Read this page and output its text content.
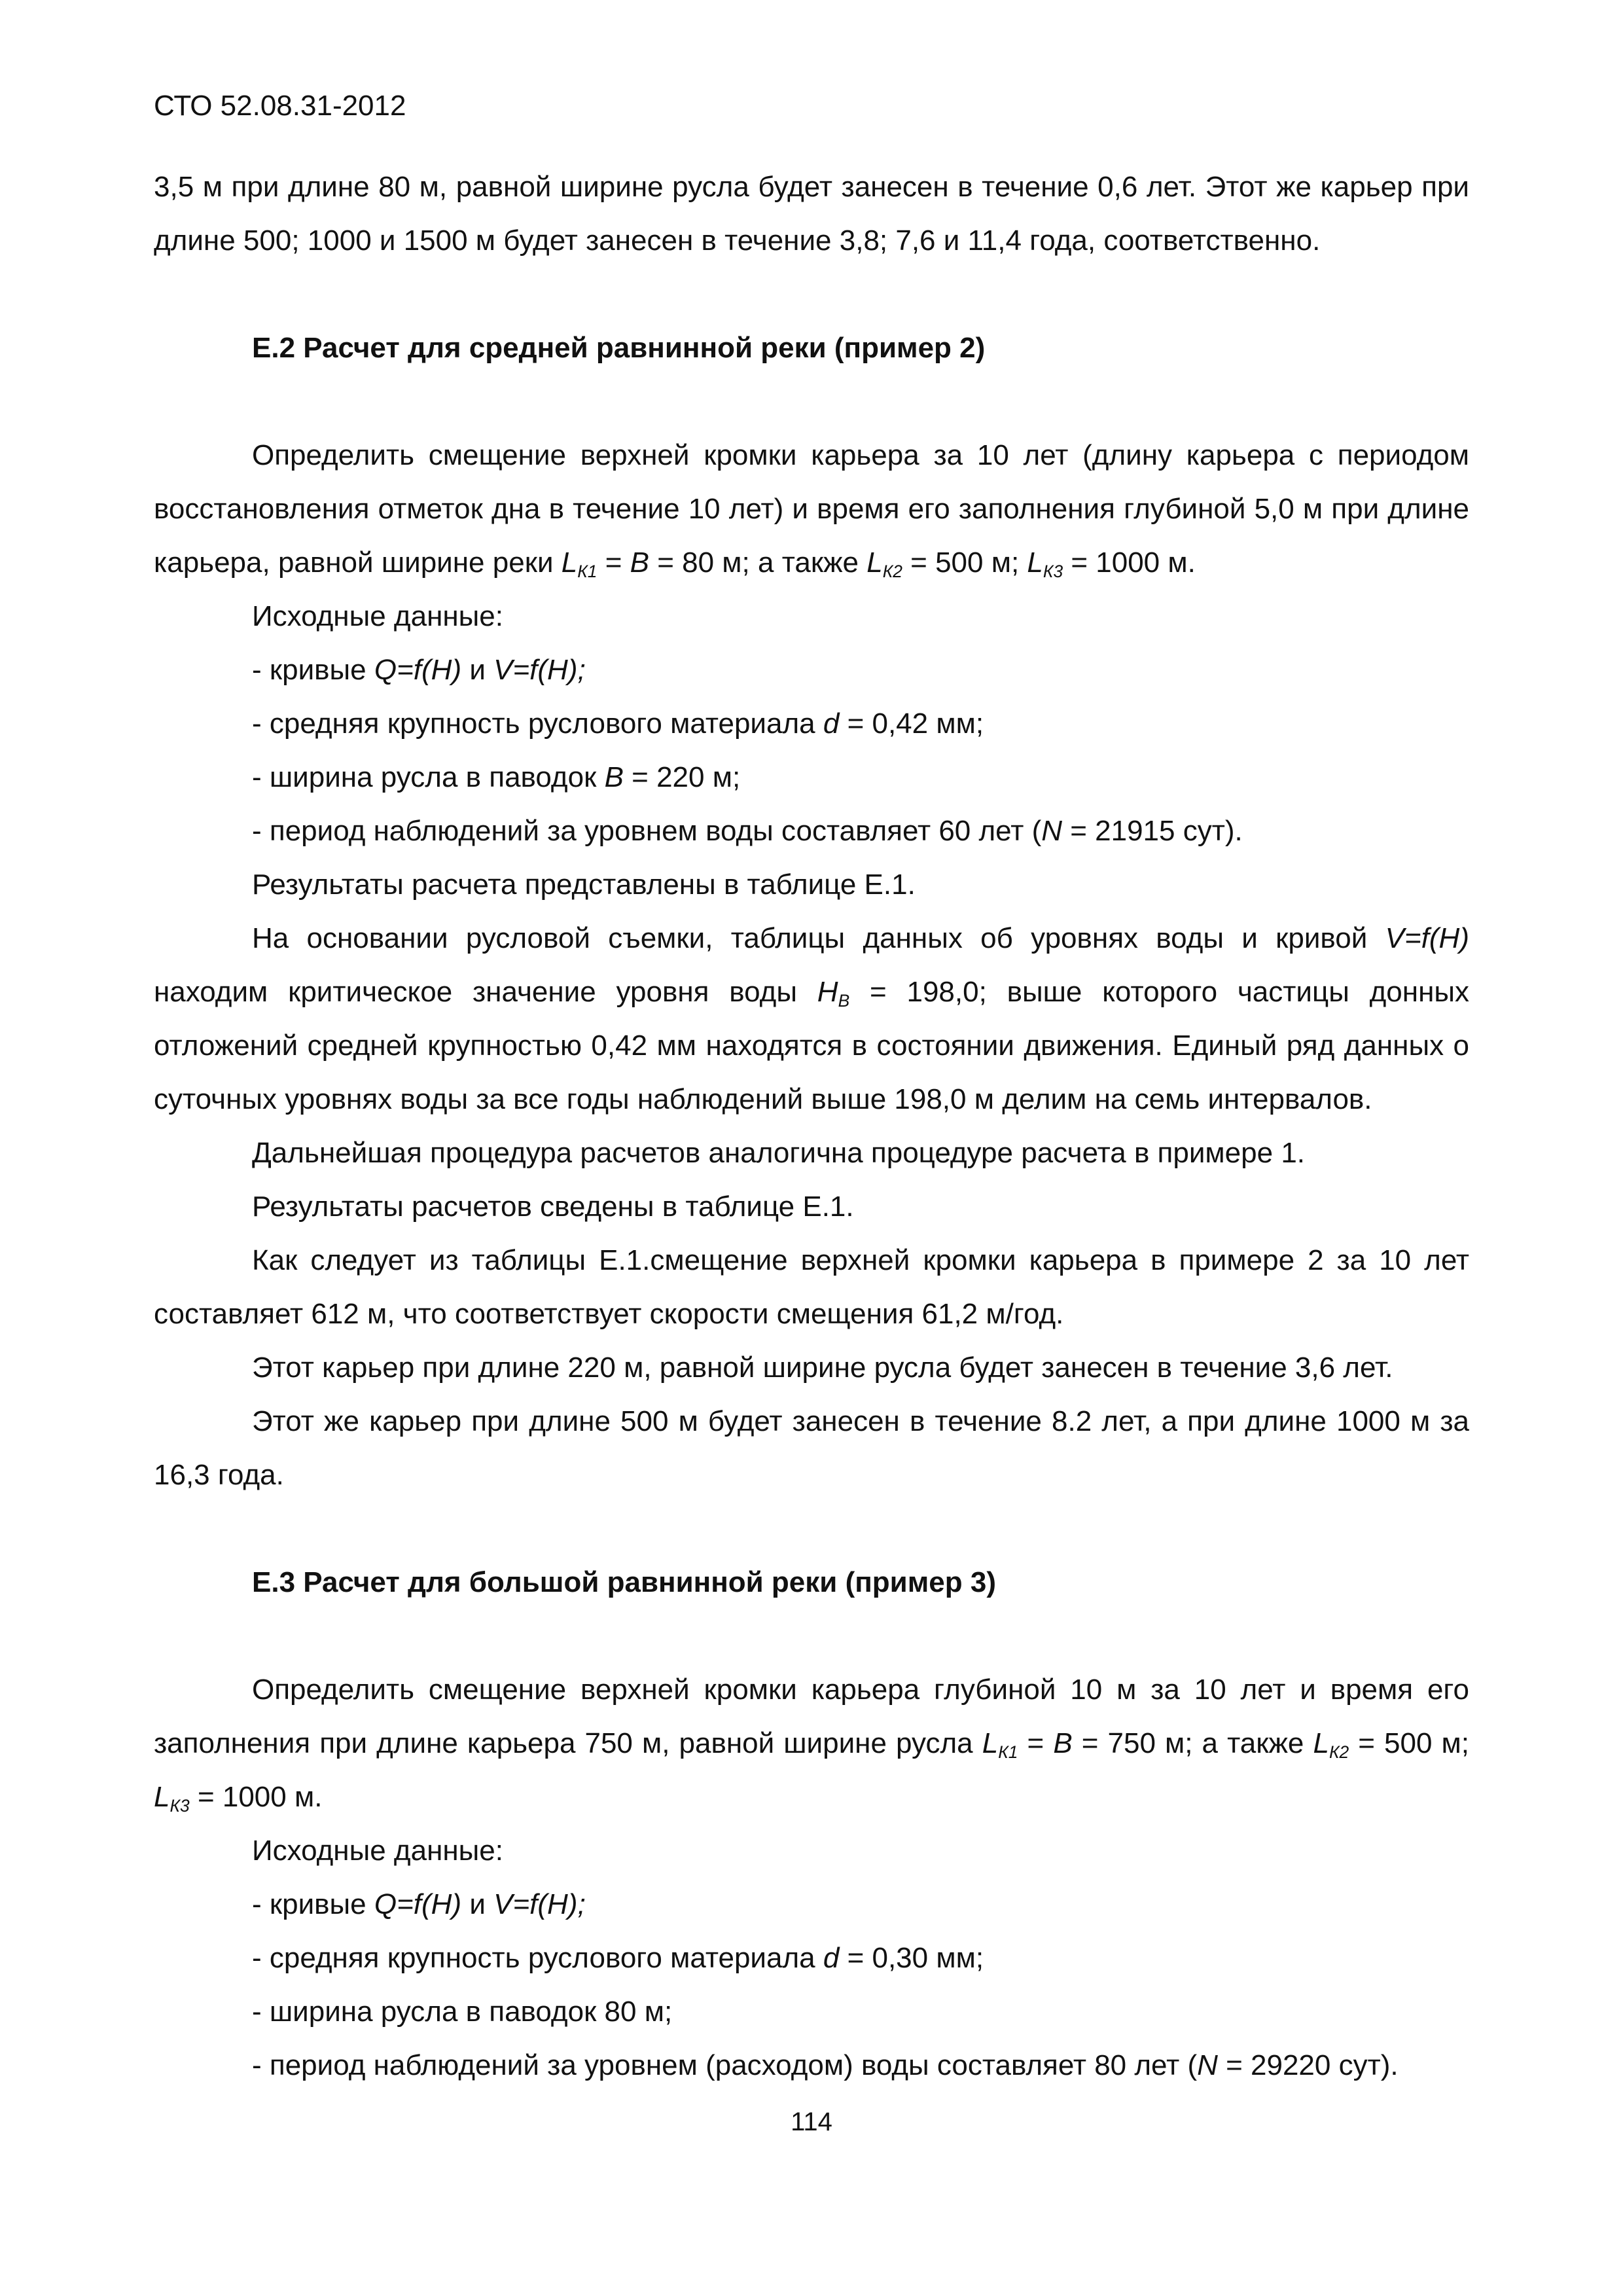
СТО 52.08.31-2012

3,5 м при длине 80 м, равной ширине русла будет занесен в течение 0,6 лет. Этот же карьер при длине 500; 1000 и 1500 м будет занесен в течение 3,8; 7,6 и 11,4 года, соответственно.

Е.2 Расчет для средней равнинной реки (пример 2)

Определить смещение верхней кромки карьера за 10 лет (длину карьера с периодом восстановления отметок дна в течение 10 лет) и время его заполнения глубиной 5,0 м при длине карьера, равной ширине реки $L_{К1} = В = 80$ м; а также $L_{К2} = 500$ м; $L_{К3} = 1000$ м.

Исходные данные:

- кривые Q=f(H) и V=f(H);

- средняя крупность руслового материала d = 0,42 мм;

- ширина русла в паводок В = 220 м;

- период наблюдений за уровнем воды составляет 60 лет (N = 21915 сут).

Результаты расчета представлены в таблице Е.1.

На основании русловой съемки, таблицы данных об уровнях воды и кривой V=f(H) находим критическое значение уровня воды $H_В = 198,0$; выше которого частицы донных отложений средней крупностью 0,42 мм находятся в состоянии движения. Единый ряд данных о суточных уровнях воды за все годы наблюдений выше 198,0 м делим на семь интервалов.

Дальнейшая процедура расчетов аналогична процедуре расчета в примере 1.

Результаты расчетов сведены в таблице Е.1.

Как следует из таблицы Е.1.смещение верхней кромки карьера в примере 2 за 10 лет составляет 612 м, что соответствует скорости смещения 61,2 м/год.

Этот карьер при длине 220 м, равной ширине русла будет занесен в течение 3,6 лет.

Этот же карьер при длине 500 м будет занесен в течение 8.2 лет, а при длине 1000 м за 16,3 года.

Е.3 Расчет для большой равнинной реки (пример 3)

Определить смещение верхней кромки карьера глубиной 10 м за 10 лет и время его заполнения при длине карьера 750 м, равной ширине русла $L_{К1} = В = 750$ м; а также $L_{К2} = 500$ м; $L_{К3} = 1000$ м.

Исходные данные:

- кривые Q=f(H) и V=f(H);

- средняя крупность руслового материала d = 0,30 мм;

- ширина русла в паводок 80 м;

- период наблюдений за уровнем (расходом) воды составляет 80 лет (N = 29220 сут).

114
